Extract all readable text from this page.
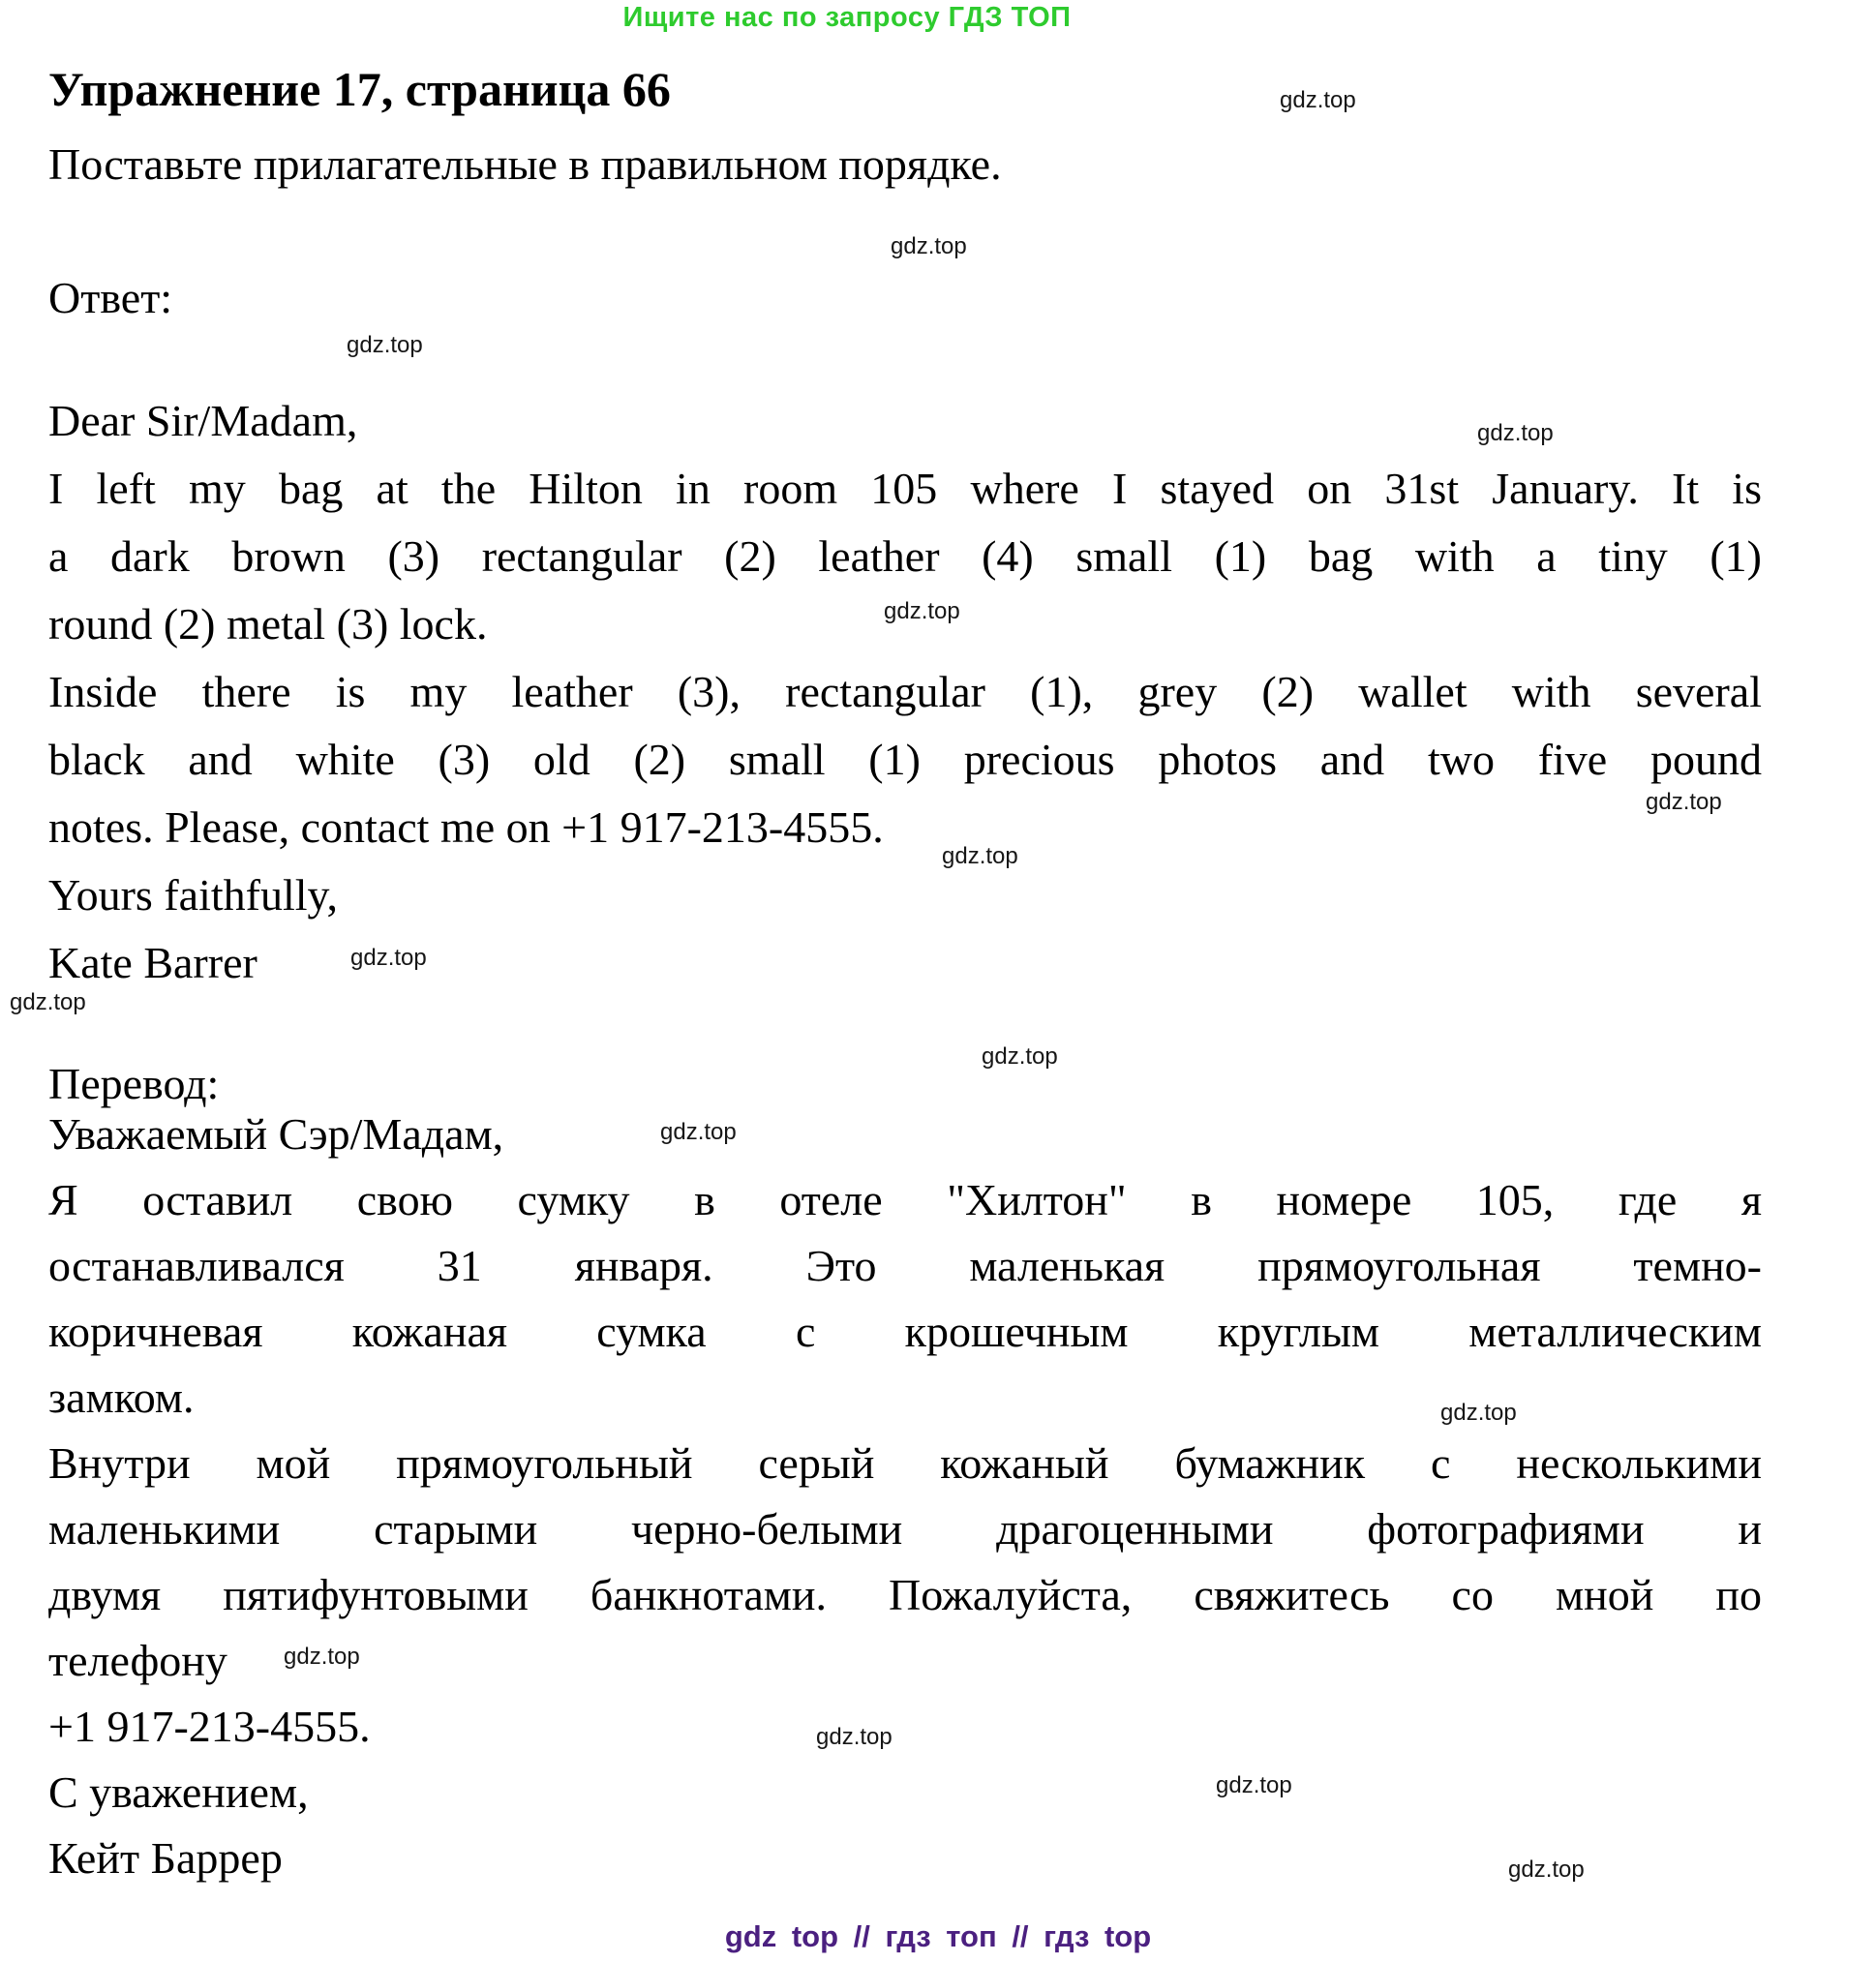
Ищите нас по запросу ГДЗ ТОП
Упражнение 17, страница 66
Поставьте прилагательные в правильном порядке.
Ответ:
Dear Sir/Madam,
I left my bag at the Hilton in room 105 where I stayed on 31st January. It is
a dark brown (3) rectangular (2) leather (4) small (1) bag with a tiny (1)
round (2) metal (3) lock.
Inside there is my leather (3), rectangular (1), grey (2) wallet with several
black and white (3) old (2) small (1) precious photos and two five pound
notes. Please, contact me on +1 917-213-4555.
Yours faithfully,
Kate Barrer
Перевод:
Уважаемый Сэр/Мадам,
Я оставил свою сумку в отеле "Хилтон" в номере 105, где я
останавливался 31 января. Это маленькая прямоугольная темно-
коричневая кожаная сумка с крошечным круглым металлическим
замком.
Внутри мой прямоугольный серый кожаный бумажник с несколькими
маленькими старыми черно-белыми драгоценными фотографиями и
двумя пятифунтовыми банкнотами. Пожалуйста, свяжитесь со мной по
телефону
+1 917-213-4555.
С уважением,
Кейт Баррер
gdz.top
gdz.top
gdz.top
gdz.top
gdz.top
gdz.top
gdz.top
gdz.top
gdz.top
gdz.top
gdz.top
gdz.top
gdz.top
gdz.top
gdz.top
gdz.top
gdz top // гдз топ // гдз top
